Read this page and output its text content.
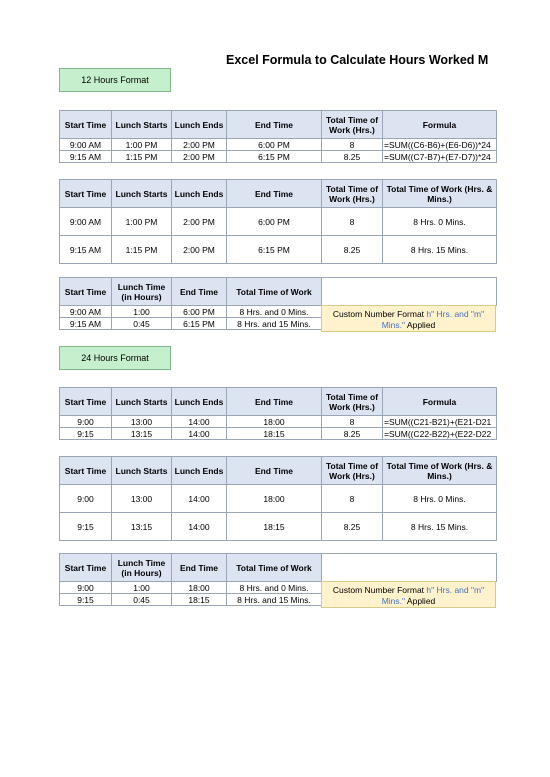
Excel Formula to Calculate Hours Worked M
12 Hours Format
Start Time	Lunch Starts	Lunch Ends	End Time	Total Time of Work (Hrs.)	Formula
9:00 AM	1:00 PM	2:00 PM	6:00 PM	8	=SUM((C6-B6)+(E6-D6))*24
9:15 AM	1:15 PM	2:00 PM	6:15 PM	8.25	=SUM((C7-B7)+(E7-D7))*24
Start Time	Lunch Starts	Lunch Ends	End Time	Total Time of Work (Hrs.)	Total Time of Work (Hrs. & Mins.)
9:00 AM	1:00 PM	2:00 PM	6:00 PM	8	8 Hrs. 0 Mins.
9:15 AM	1:15 PM	2:00 PM	6:15 PM	8.25	8 Hrs. 15 Mins.
Start Time	Lunch Time (in Hours)	End Time	Total Time of Work	
9:00 AM	1:00	6:00 PM	8 Hrs. and 0 Mins.	
9:15 AM	0:45	6:15 PM	8 Hrs. and 15 Mins.	
Custom Number Format h" Hrs. and "m" Mins." Applied
24 Hours Format
Start Time	Lunch Starts	Lunch Ends	End Time	Total Time of Work (Hrs.)	Formula
9:00	13:00	14:00	18:00	8	=SUM((C21-B21)+(E21-D21
9:15	13:15	14:00	18:15	8.25	=SUM((C22-B22)+(E22-D22
Start Time	Lunch Starts	Lunch Ends	End Time	Total Time of Work (Hrs.)	Total Time of Work (Hrs. & Mins.)
9:00	13:00	14:00	18:00	8	8 Hrs. 0 Mins.
9:15	13:15	14:00	18:15	8.25	8 Hrs. 15 Mins.
Start Time	Lunch Time (in Hours)	End Time	Total Time of Work	
9:00	1:00	18:00	8 Hrs. and 0 Mins.	
9:15	0:45	18:15	8 Hrs. and 15 Mins.	
Custom Number Format h" Hrs. and "m" Mins." Applied
